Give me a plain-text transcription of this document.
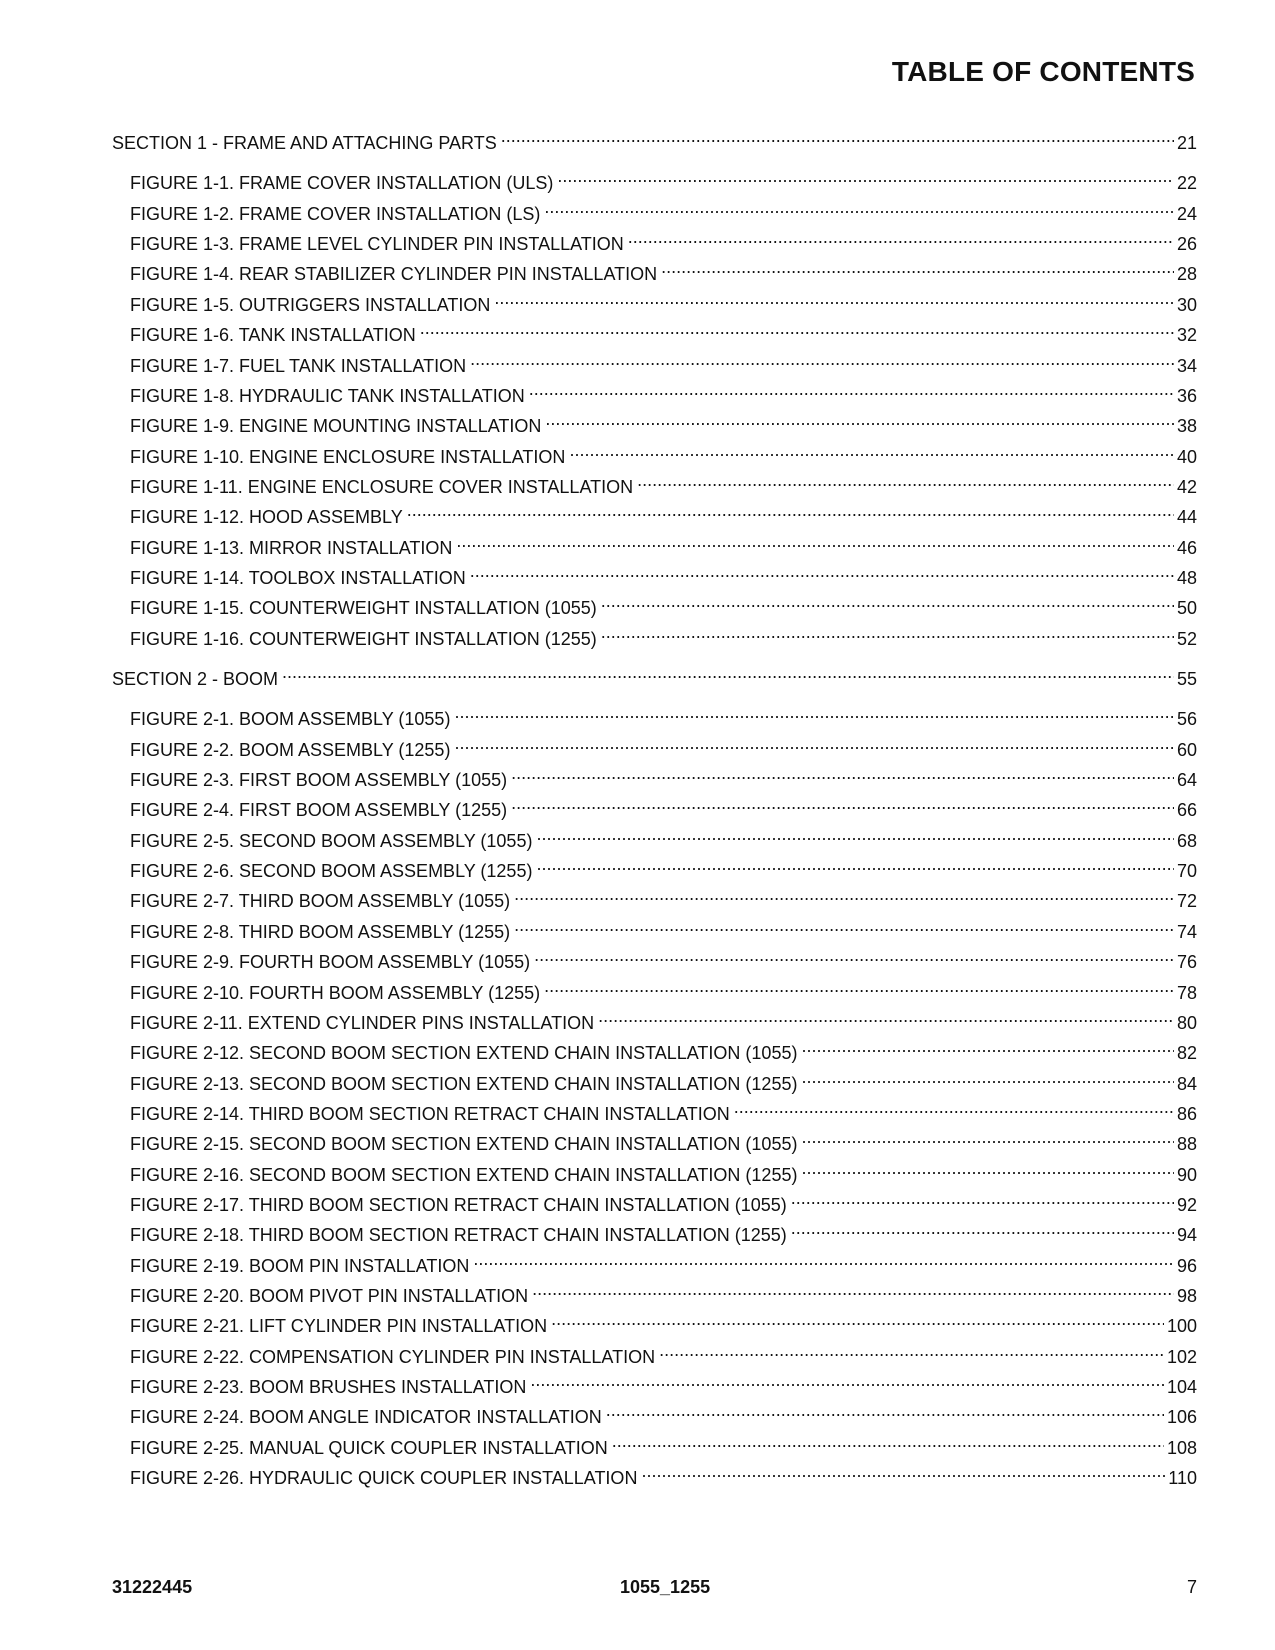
TABLE OF CONTENTS
SECTION 1 - FRAME AND ATTACHING PARTS .....	21
FIGURE 1-1. FRAME COVER INSTALLATION (ULS) .....	22
FIGURE 1-2. FRAME COVER INSTALLATION (LS) .....	24
FIGURE 1-3. FRAME LEVEL CYLINDER PIN INSTALLATION .....	26
FIGURE 1-4. REAR STABILIZER CYLINDER PIN INSTALLATION .....	28
FIGURE 1-5. OUTRIGGERS INSTALLATION .....	30
FIGURE 1-6. TANK INSTALLATION .....	32
FIGURE 1-7. FUEL TANK INSTALLATION .....	34
FIGURE 1-8. HYDRAULIC TANK INSTALLATION .....	36
FIGURE 1-9. ENGINE MOUNTING INSTALLATION .....	38
FIGURE 1-10. ENGINE ENCLOSURE INSTALLATION .....	40
FIGURE 1-11. ENGINE ENCLOSURE COVER INSTALLATION .....	42
FIGURE 1-12. HOOD ASSEMBLY .....	44
FIGURE 1-13. MIRROR INSTALLATION .....	46
FIGURE 1-14. TOOLBOX INSTALLATION .....	48
FIGURE 1-15. COUNTERWEIGHT INSTALLATION (1055) .....	50
FIGURE 1-16. COUNTERWEIGHT INSTALLATION (1255) .....	52
SECTION 2 - BOOM .....	55
FIGURE 2-1. BOOM ASSEMBLY (1055) .....	56
FIGURE 2-2. BOOM ASSEMBLY (1255) .....	60
FIGURE 2-3. FIRST BOOM ASSEMBLY (1055) .....	64
FIGURE 2-4. FIRST BOOM ASSEMBLY (1255) .....	66
FIGURE 2-5. SECOND BOOM ASSEMBLY (1055) .....	68
FIGURE 2-6. SECOND BOOM ASSEMBLY (1255) .....	70
FIGURE 2-7. THIRD BOOM ASSEMBLY (1055) .....	72
FIGURE 2-8. THIRD BOOM ASSEMBLY (1255) .....	74
FIGURE 2-9. FOURTH BOOM ASSEMBLY (1055) .....	76
FIGURE 2-10. FOURTH BOOM ASSEMBLY (1255) .....	78
FIGURE 2-11. EXTEND CYLINDER PINS INSTALLATION .....	80
FIGURE 2-12. SECOND BOOM SECTION EXTEND CHAIN INSTALLATION (1055) .....	82
FIGURE 2-13. SECOND BOOM SECTION EXTEND CHAIN INSTALLATION (1255) .....	84
FIGURE 2-14. THIRD BOOM SECTION RETRACT CHAIN INSTALLATION .....	86
FIGURE 2-15. SECOND BOOM SECTION EXTEND CHAIN INSTALLATION (1055) .....	88
FIGURE 2-16. SECOND BOOM SECTION EXTEND CHAIN INSTALLATION (1255) .....	90
FIGURE 2-17. THIRD BOOM SECTION RETRACT CHAIN INSTALLATION (1055) .....	92
FIGURE 2-18. THIRD BOOM SECTION RETRACT CHAIN INSTALLATION (1255) .....	94
FIGURE 2-19. BOOM PIN INSTALLATION .....	96
FIGURE 2-20. BOOM PIVOT PIN INSTALLATION .....	98
FIGURE 2-21. LIFT CYLINDER PIN INSTALLATION .....	100
FIGURE 2-22. COMPENSATION CYLINDER PIN INSTALLATION .....	102
FIGURE 2-23. BOOM BRUSHES INSTALLATION .....	104
FIGURE 2-24. BOOM ANGLE INDICATOR INSTALLATION .....	106
FIGURE 2-25. MANUAL QUICK COUPLER INSTALLATION .....	108
FIGURE 2-26. HYDRAULIC QUICK COUPLER INSTALLATION .....	110
31222445	1055_1255	7
